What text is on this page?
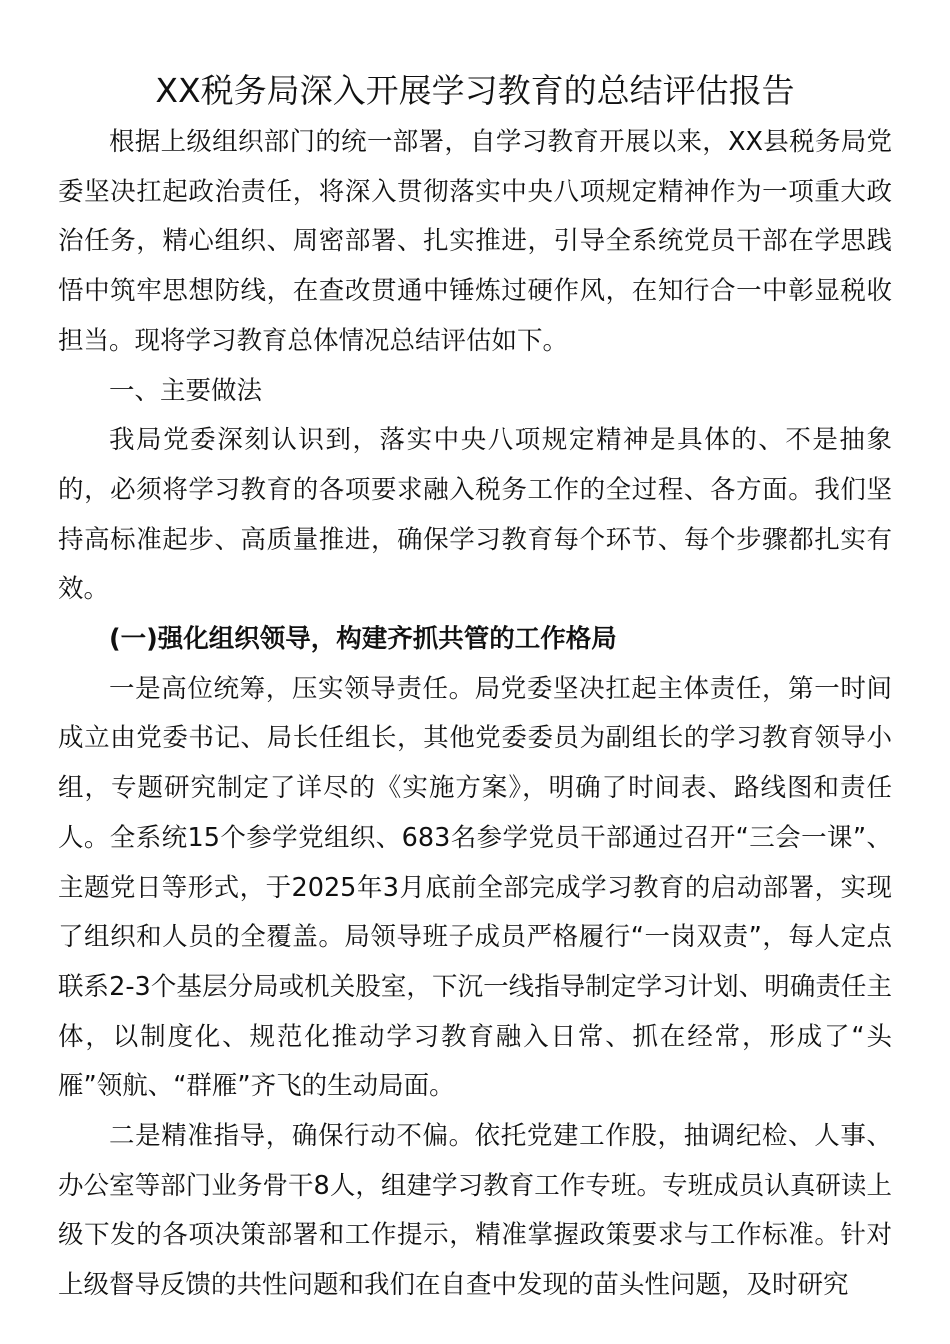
XX税务局深入开展学习教育的总结评估报告

根据上级组织部门的统一部署，自学习教育开展以来，XX县税务局党委坚决扛起政治责任，将深入贯彻落实中央八项规定精神作为一项重大政治任务，精心组织、周密部署、扎实推进，引导全系统党员干部在学思践悟中筑牢思想防线，在查改贯通中锤炼过硬作风，在知行合一中彰显税收担当。现将学习教育总体情况总结评估如下。

一、主要做法

我局党委深刻认识到，落实中央八项规定精神是具体的、不是抽象的，必须将学习教育的各项要求融入税务工作的全过程、各方面。我们坚持高标准起步、高质量推进，确保学习教育每个环节、每个步骤都扎实有效。

(一)强化组织领导，构建齐抓共管的工作格局

一是高位统筹，压实领导责任。局党委坚决扛起主体责任，第一时间成立由党委书记、局长任组长，其他党委委员为副组长的学习教育领导小组，专题研究制定了详尽的《实施方案》，明确了时间表、路线图和责任人。全系统15个参学党组织、683名参学党员干部通过召开“三会一课”、主题党日等形式，于2025年3月底前全部完成学习教育的启动部署，实现了组织和人员的全覆盖。局领导班子成员严格履行“一岗双责”，每人定点联系2-3个基层分局或机关股室，下沉一线指导制定学习计划、明确责任主体，以制度化、规范化推动学习教育融入日常、抓在经常，形成了“头雁”领航、“群雁”齐飞的生动局面。

二是精准指导，确保行动不偏。依托党建工作股，抽调纪检、人事、办公室等部门业务骨干8人，组建学习教育工作专班。专班成员认真研读上级下发的各项决策部署和工作提示，精准掌握政策要求与工作标准。针对上级督导反馈的共性问题和我们在自查中发现的苗头性问题，及时研究
